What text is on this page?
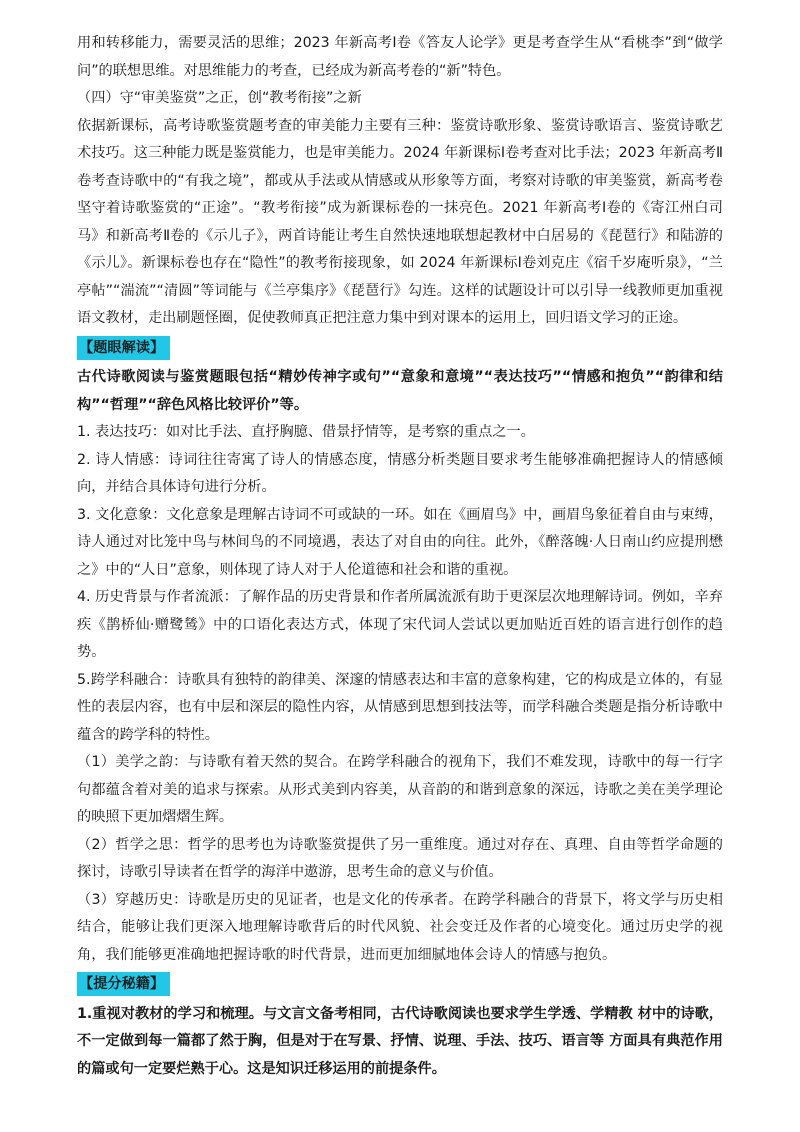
用和转移能力，需要灵活的思维；2023 年新高考Ⅰ卷《答友人论学》更是考查学生从“看桃李”到“做学问”的联想思维。对思维能力的考查，已经成为新高考卷的“新”特色。

（四）守“审美鉴赏”之正，创“教考衔接”之新

依据新课标，高考诗歌鉴赏题考查的审美能力主要有三种：鉴赏诗歌形象、鉴赏诗歌语言、鉴赏诗歌艺术技巧。这三种能力既是鉴赏能力，也是审美能力。2024 年新课标Ⅰ卷考查对比手法；2023 年新高考Ⅱ卷考查诗歌中的“有我之境”，都或从手法或从情感或从形象等方面，考察对诗歌的审美鉴赏，新高考卷坚守着诗歌鉴赏的“正途”。“教考衔接”成为新课标卷的一抹亮色。2021 年新高考Ⅰ卷的《寄江州白司马》和新高考Ⅱ卷的《示儿子》，两首诗能让考生自然快速地联想起教材中白居易的《琵琶行》和陆游的《示儿》。新课标卷也存在“隐性”的教考衔接现象，如 2024 年新课标Ⅰ卷刘克庄《宿千岁庵听泉》，“兰亭帖”“湍流”“清圆”等词能与《兰亭集序》《琵琶行》勾连。这样的试题设计可以引导一线教师更加重视语文教材，走出刷题怪圈，促使教师真正把注意力集中到对课本的运用上，回归语文学习的正途。

【题眼解读】

古代诗歌阅读与鉴赏题眼包括“精妙传神字或句”“意象和意境”“表达技巧”“情感和抱负”“韵律和结构”“哲理”“辞色风格比较评价”等。

1. 表达技巧：如对比手法、直抒胸臆、借景抒情等，是考察的重点之一。

2. 诗人情感：诗词往往寄寓了诗人的情感态度，情感分析类题目要求考生能够准确把握诗人的情感倾向，并结合具体诗句进行分析。

3. 文化意象：文化意象是理解古诗词不可或缺的一环。如在《画眉鸟》中，画眉鸟象征着自由与束缚，诗人通过对比笼中鸟与林间鸟的不同境遇，表达了对自由的向往。此外，《醉落魄·人日南山约应提刑懋之》中的“人日”意象，则体现了诗人对于人伦道德和社会和谐的重视。

4. 历史背景与作者流派：了解作品的历史背景和作者所属流派有助于更深层次地理解诗词。例如，辛弃疾《鹊桥仙·赠鹭鸶》中的口语化表达方式，体现了宋代词人尝试以更加贴近百姓的语言进行创作的趋势。

5.跨学科融合：诗歌具有独特的韵律美、深邃的情感表达和丰富的意象构建，它的构成是立体的，有显性的表层内容，也有中层和深层的隐性内容，从情感到思想到技法等，而学科融合类题是指分析诗歌中蕴含的跨学科的特性。

（1）美学之韵：与诗歌有着天然的契合。在跨学科融合的视角下，我们不难发现，诗歌中的每一行字句都蕴含着对美的追求与探索。从形式美到内容美，从音韵的和谐到意象的深远，诗歌之美在美学理论的映照下更加熠熠生辉。

（2）哲学之思：哲学的思考也为诗歌鉴赏提供了另一重维度。通过对存在、真理、自由等哲学命题的探讨，诗歌引导读者在哲学的海洋中遨游，思考生命的意义与价值。

（3）穿越历史：诗歌是历史的见证者，也是文化的传承者。在跨学科融合的背景下，将文学与历史相结合，能够让我们更深入地理解诗歌背后的时代风貌、社会变迁及作者的心境变化。通过历史学的视角，我们能够更准确地把握诗歌的时代背景，进而更加细腻地体会诗人的情感与抱负。

【提分秘籍】

1.重视对教材的学习和梳理。与文言文备考相同，古代诗歌阅读也要求学生学透、学精教 材中的诗歌，不一定做到每一篇都了然于胸，但是对于在写景、抒情、说理、手法、技巧、语言等 方面具有典范作用的篇或句一定要烂熟于心。这是知识迁移运用的前提条件。
